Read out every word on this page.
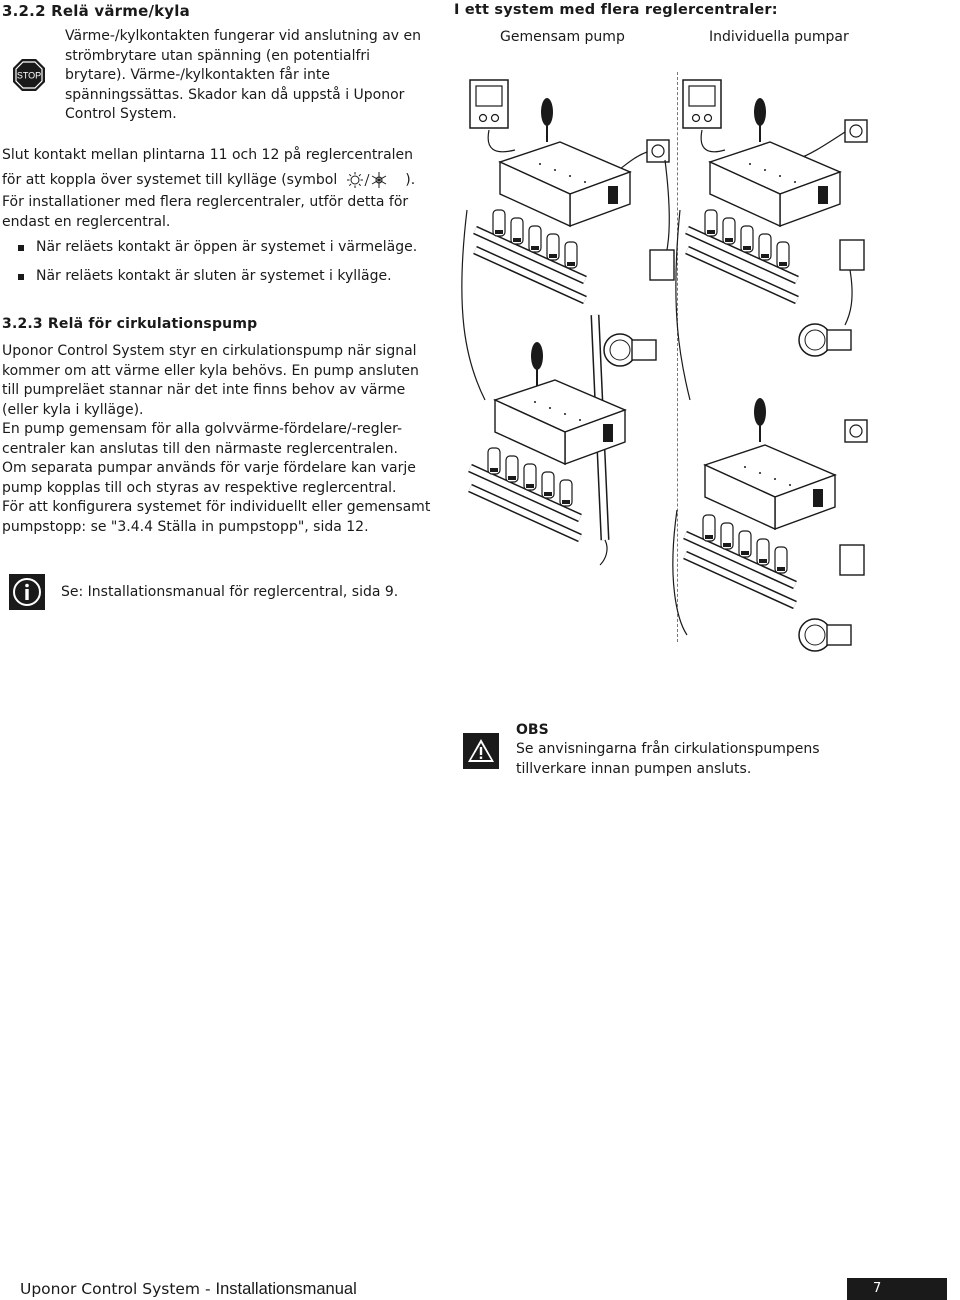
3.2.2 Relä värme/kyla
STOP
Värme-/kylkontakten fungerar vid anslutning av en
strömbrytare utan spänning (en potentialfri
brytare). Värme-/kylkontakten får inte
spänningssättas. Skador kan då uppstå i Uponor
Control System.
Slut kontakt mellan plintarna 11 och 12 på reglercentralen
för att koppla över systemet till kylläge (symbol	).
För installationer med flera reglercentraler, utför detta för
endast en reglercentral.
När reläets kontakt är öppen är systemet i värmeläge.
När reläets kontakt är sluten är systemet i kylläge.
3.2.3 Relä för cirkulationspump
Uponor Control System styr en cirkulationspump när signal
kommer om att värme eller kyla behövs. En pump ansluten
till pumpreläet stannar när det inte finns behov av värme
(eller kyla i kylläge).
En pump gemensam för alla golvvärme-fördelare/-regler-
centraler kan anslutas till den närmaste reglercentralen.
Om separata pumpar används för varje fördelare kan varje
pump kopplas till och styras av respektive reglercentral.
För att konfigurera systemet för individuellt eller gemensamt
pumpstopp: se "3.4.4 Ställa in pumpstopp", sida 12.
Se: Installationsmanual för reglercentral, sida 9.
I ett system med flera reglercentraler:
Gemensam pump	Individuella pumpar
OBS
Se anvisningarna från cirkulationspumpens
tillverkare innan pumpen ansluts.
Uponor Control System - Installationsmanual	7
